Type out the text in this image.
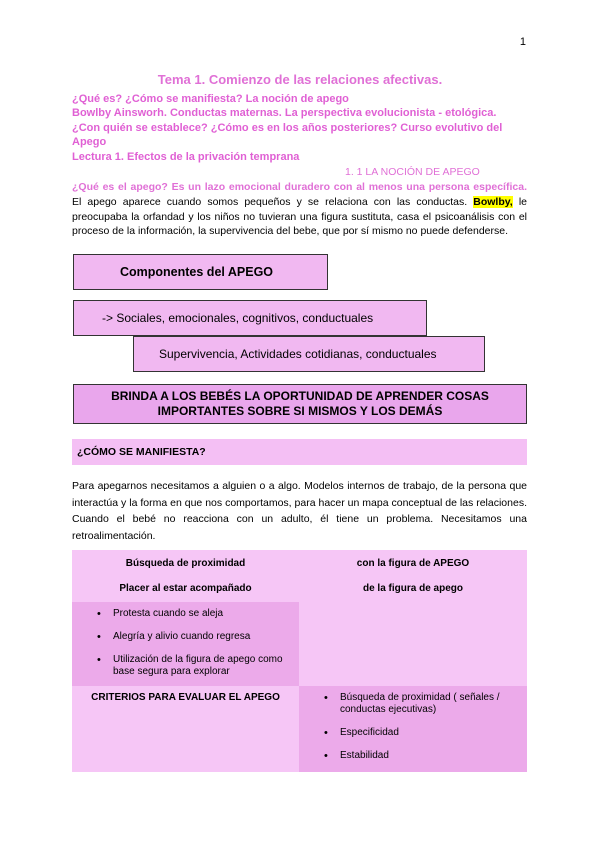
1
Tema 1. Comienzo de las relaciones afectivas.
¿Qué es? ¿Cómo se manifiesta? La noción de apego
Bowlby Ainsworh. Conductas maternas. La perspectiva evolucionista - etológica.
¿Con quién se establece? ¿Cómo es en los años posteriores? Curso evolutivo del Apego
Lectura 1. Efectos de la privación temprana
1. 1 LA NOCIÓN DE APEGO
¿Qué es el apego? Es un lazo emocional duradero con al menos una persona específica. El apego aparece cuando somos pequeños y se relaciona con las conductas. Bowlby, le preocupaba la orfandad y los niños no tuvieran una figura sustituta, casa el psicoanálisis con el proceso de la información, la supervivencia del bebe, que por sí mismo no puede defenderse.
Componentes del APEGO
-> Sociales, emocionales, cognitivos, conductuales
Supervivencia, Actividades cotidianas, conductuales
BRINDA A LOS BEBÉS LA OPORTUNIDAD DE APRENDER COSAS IMPORTANTES SOBRE SI MISMOS Y LOS DEMÁS
¿CÓMO SE MANIFIESTA?
Para apegarnos necesitamos a alguien o a algo. Modelos internos de trabajo, de la persona que interactúa y la forma en que nos comportamos, para hacer un mapa conceptual de las relaciones. Cuando el bebé no reacciona con un adulto, él tiene un problema. Necesitamos una retroalimentación.
Búsqueda de proximidad	con la figura de APEGO
Placer al estar acompañado	de la figura de apego
• Protesta cuando se aleja
• Alegría y alivio cuando regresa
• Utilización de la figura de apego como base segura para explorar
CRITERIOS PARA EVALUAR EL APEGO
•	Búsqueda de proximidad ( señales / conductas ejecutivas)
• Especificidad
• Estabilidad
